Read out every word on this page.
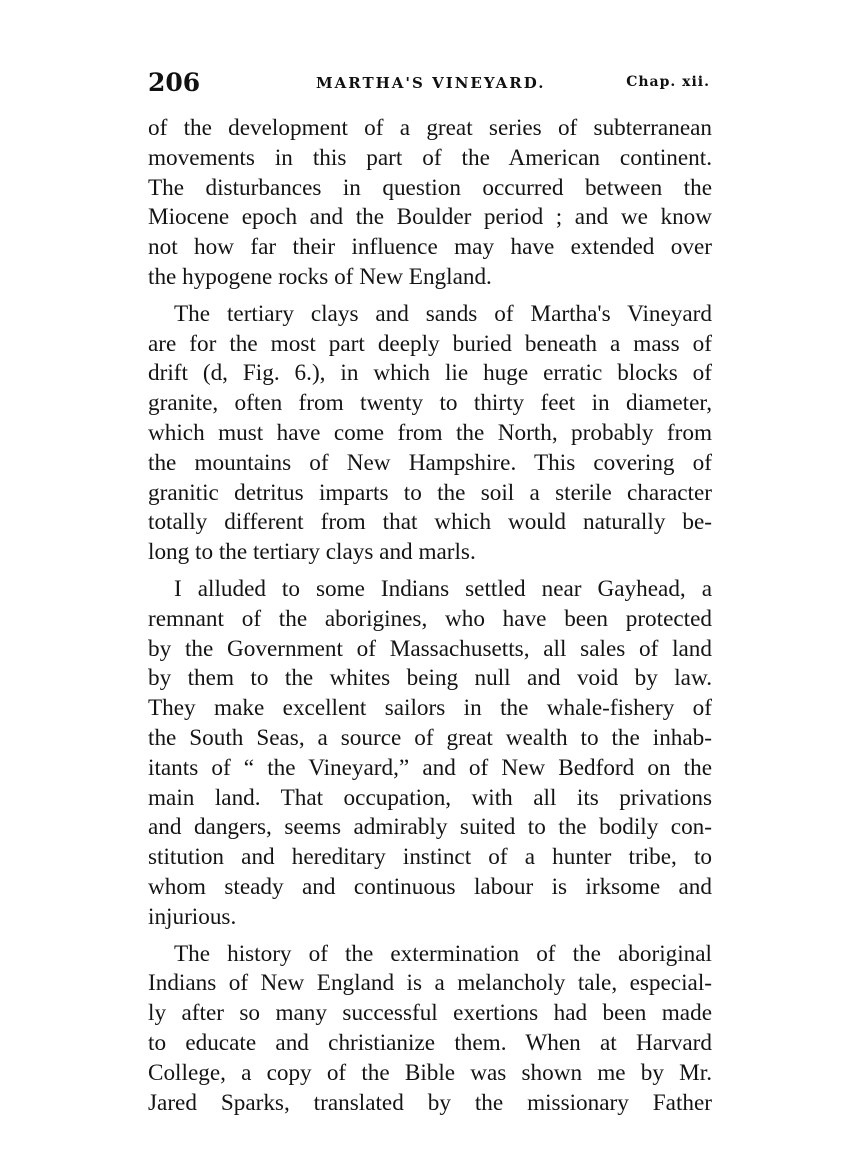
206	MARTHA'S VINEYARD.	Chap. xii.
of the development of a great series of subterranean
movements in this part of the American continent.
The disturbances in question occurred between the
Miocene epoch and the Boulder period ; and we know
not how far their influence may have extended over
the hypogene rocks of New England.
The tertiary clays and sands of Martha's Vineyard
are for the most part deeply buried beneath a mass of
drift (d, Fig. 6.), in which lie huge erratic blocks of
granite, often from twenty to thirty feet in diameter,
which must have come from the North, probably from
the mountains of New Hampshire. This covering of
granitic detritus imparts to the soil a sterile character
totally different from that which would naturally be-
long to the tertiary clays and marls.
I alluded to some Indians settled near Gayhead, a
remnant of the aborigines, who have been protected
by the Government of Massachusetts, all sales of land
by them to the whites being null and void by law.
They make excellent sailors in the whale-fishery of
the South Seas, a source of great wealth to the inhab-
itants of “ the Vineyard,” and of New Bedford on the
main land. That occupation, with all its privations
and dangers, seems admirably suited to the bodily con-
stitution and hereditary instinct of a hunter tribe, to
whom steady and continuous labour is irksome and
injurious.
The history of the extermination of the aboriginal
Indians of New England is a melancholy tale, especial-
ly after so many successful exertions had been made
to educate and christianize them. When at Harvard
College, a copy of the Bible was shown me by Mr.
Jared Sparks, translated by the missionary Father
